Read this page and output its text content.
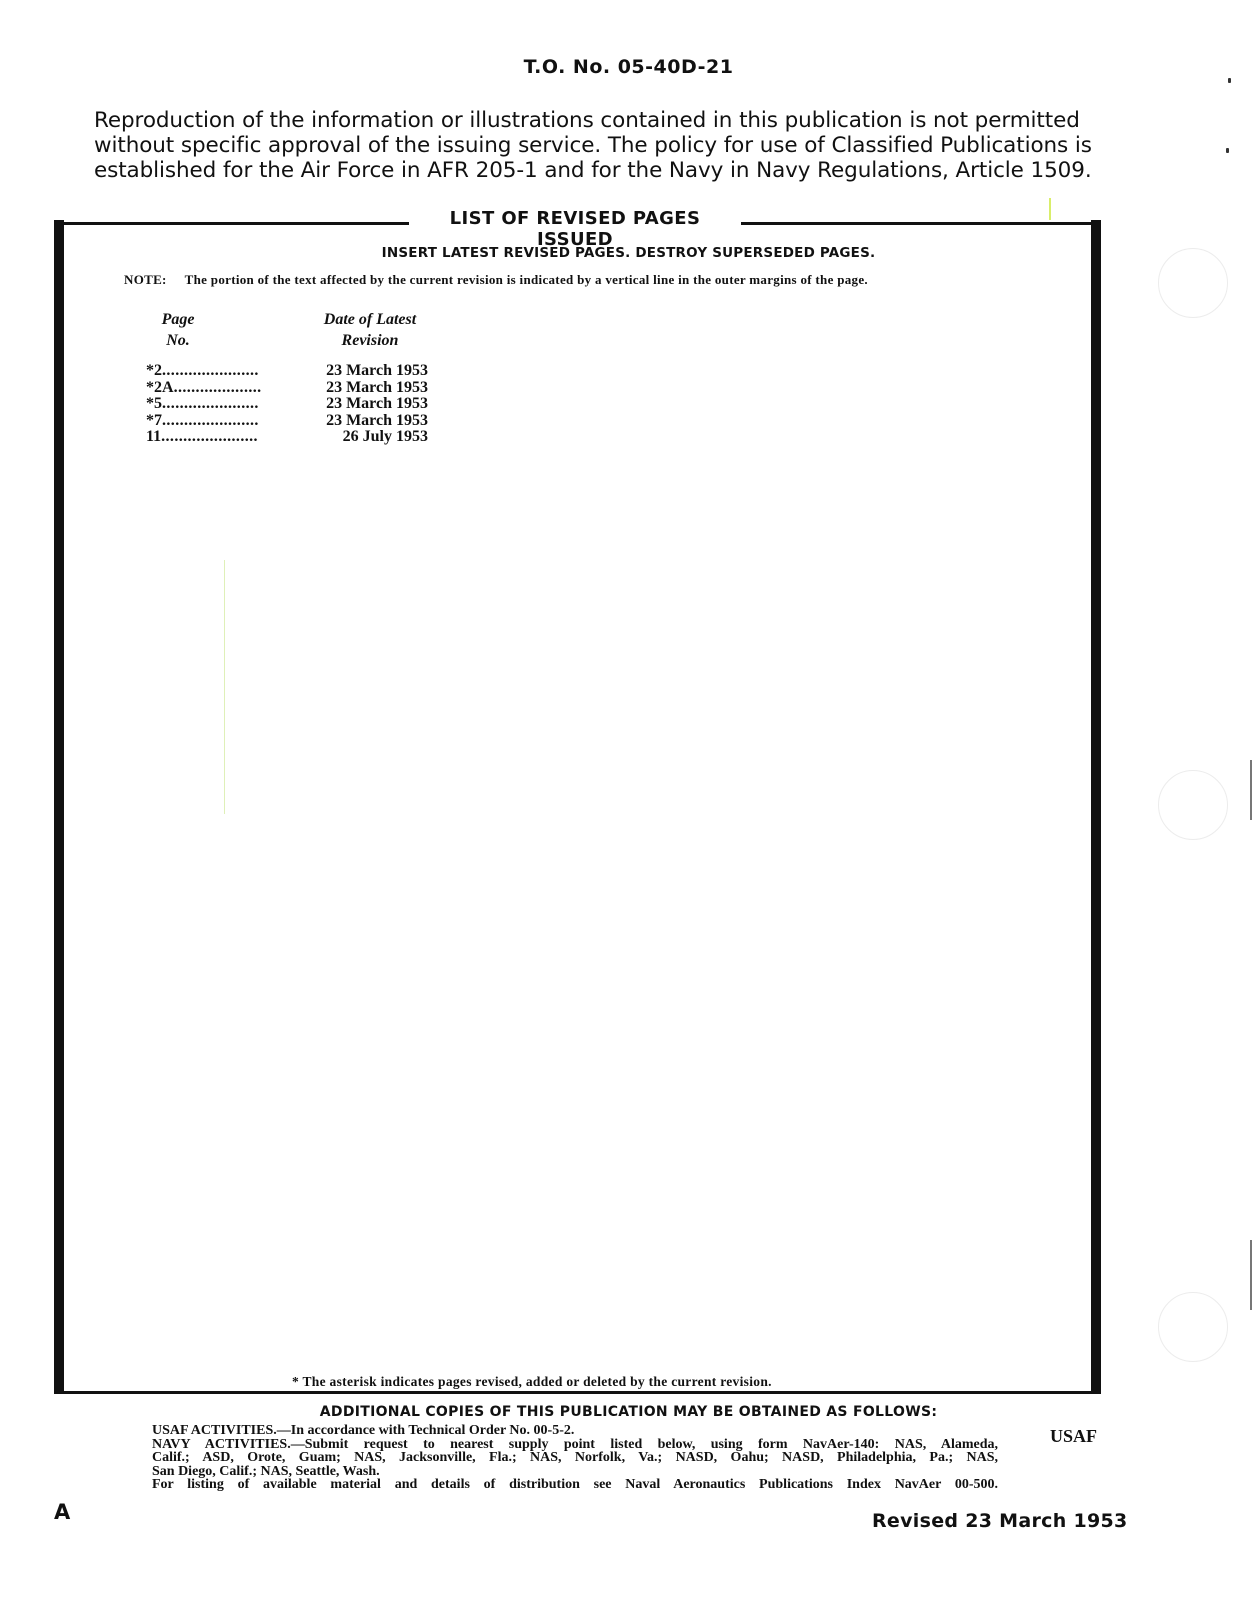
T.O. No. 05-40D-21
Reproduction of the information or illustrations contained in this publication is not permitted
without specific approval of the issuing service. The policy for use of Classified Publications is
established for the Air Force in AFR 205-1 and for the Navy in Navy Regulations, Article 1509.
LIST OF REVISED PAGES ISSUED
INSERT LATEST REVISED PAGES. DESTROY SUPERSEDED PAGES.
NOTE: The portion of the text affected by the current revision is indicated by a vertical line in the outer margins of the page.
Page
No.
Date of Latest
Revision
*2 ......................	23 March 1953
*2A ....................	23 March 1953
*5 ......................	23 March 1953
*7 ......................	23 March 1953
11 ......................	26 July 1953
* The asterisk indicates pages revised, added or deleted by the current revision.
ADDITIONAL COPIES OF THIS PUBLICATION MAY BE OBTAINED AS FOLLOWS:
USAF ACTIVITIES.—In accordance with Technical Order No. 00-5-2.
NAVY ACTIVITIES.—Submit request to nearest supply point listed below, using form NavAer-140: NAS, Alameda,
Calif.; ASD, Orote, Guam; NAS, Jacksonville, Fla.; NAS, Norfolk, Va.; NASD, Oahu; NASD, Philadelphia, Pa.; NAS,
San Diego, Calif.; NAS, Seattle, Wash.
For listing of available material and details of distribution see Naval Aeronautics Publications Index NavAer 00-500.
USAF
A	Revised 23 March 1953
